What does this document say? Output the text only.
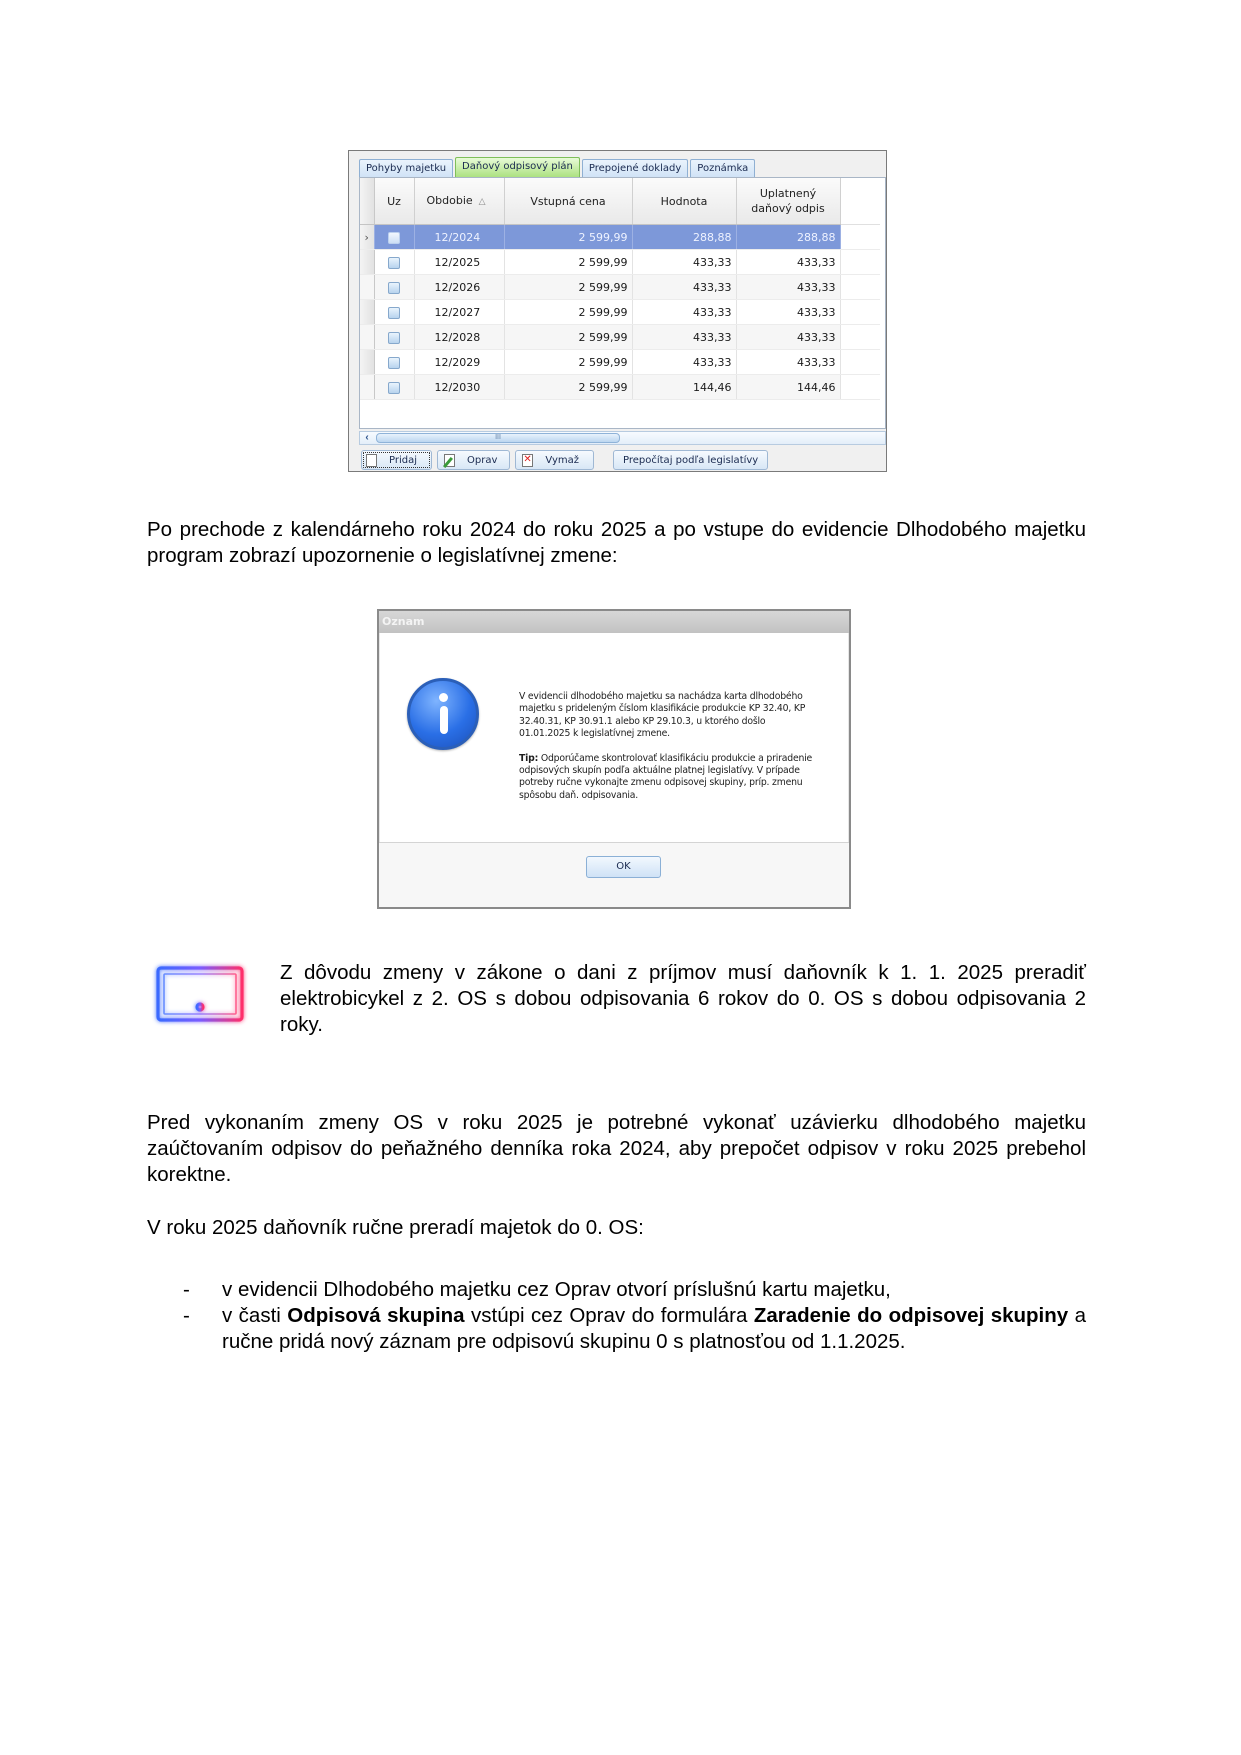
Pohyby majetku	Daňový odpisový plán	Prepojené doklady	Poznámka
	Uz	Obdobie △	Vstupná cena	Hodnota	Uplatnený daňový odpis	
›		12/2024	2 599,99	288,88	288,88	
		12/2025	2 599,99	433,33	433,33	
		12/2026	2 599,99	433,33	433,33	
		12/2027	2 599,99	433,33	433,33	
		12/2028	2 599,99	433,33	433,33	
		12/2029	2 599,99	433,33	433,33	
		12/2030	2 599,99	144,46	144,46	
‹	III
Pridaj	Oprav ✕	Vymaž	Prepočítaj podľa legislatívy
Po prechode z kalendárneho roku 2024 do roku 2025 a po vstupe do evidencie Dlhodobého majetku program zobrazí upozornenie o legislatívnej zmene:
Oznam

V evidencii dlhodobého majetku sa nachádza karta dlhodobého majetku s prideleným číslom klasifikácie produkcie KP 32.40, KP 32.40.31, KP 30.91.1 alebo KP 29.10.3, u ktorého došlo 01.01.2025 k legislatívnej zmene.

Tip: Odporúčame skontrolovať klasifikáciu produkcie a priradenie odpisových skupín podľa aktuálne platnej legislatívy. V prípade potreby ručne vykonajte zmenu odpisovej skupiny, príp. zmenu spôsobu daň. odpisovania.

OK
Z dôvodu zmeny v zákone o dani z príjmov musí daňovník k 1. 1. 2025 preradiť elektrobicykel z 2. OS s dobou odpisovania 6 rokov do 0. OS s dobou odpisovania 2 roky.
Pred vykonaním zmeny OS v roku 2025 je potrebné vykonať uzávierku dlhodobého majetku zaúčtovaním odpisov do peňažného denníka roka 2024, aby prepočet odpisov v roku 2025 prebehol korektne.
V roku 2025 daňovník ručne preradí majetok do 0. OS:
- v evidencii Dlhodobého majetku cez Oprav otvorí príslušnú kartu majetku,
- v časti Odpisová skupina vstúpi cez Oprav do formulára Zaradenie do odpisovej skupiny a ručne pridá nový záznam pre odpisovú skupinu 0 s platnosťou od 1.1.2025.
